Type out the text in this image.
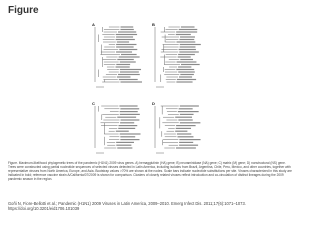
Figure
A	B
C	D
Figure. Maximum-likelihood phylogenetic trees of the pandemic (H1N1) 2009 virus genes. A) hemagglutinin (HA) gene; B) neuraminidase (NA) gene; C) matrix (M) gene; D) nonstructural (NS) gene. Trees were constructed using partial nucleotide sequences of selected viruses detected in Latin America, including isolates from Brazil, Argentina, Chile, Peru, Mexico, and other countries, together with representative viruses from North America, Europe, and Asia. Bootstrap values >70% are shown at the nodes. Scale bars indicate nucleotide substitutions per site. Viruses characterized in this study are indicated in bold; reference vaccine strain A/California/07/2009 is shown for comparison. Clusters of closely related viruses reflect introduction and co-circulation of distinct lineages during the 2009 pandemic season in the region.
Goñi N, Fiore-Bellotti et al.; Pandemic (H1N1) 2009 Viruses in Latin America, 2009–2010. Emerg Infect Dis. 2011;17(6):1071–1073. https://doi.org/10.3201/eid1706.101039
